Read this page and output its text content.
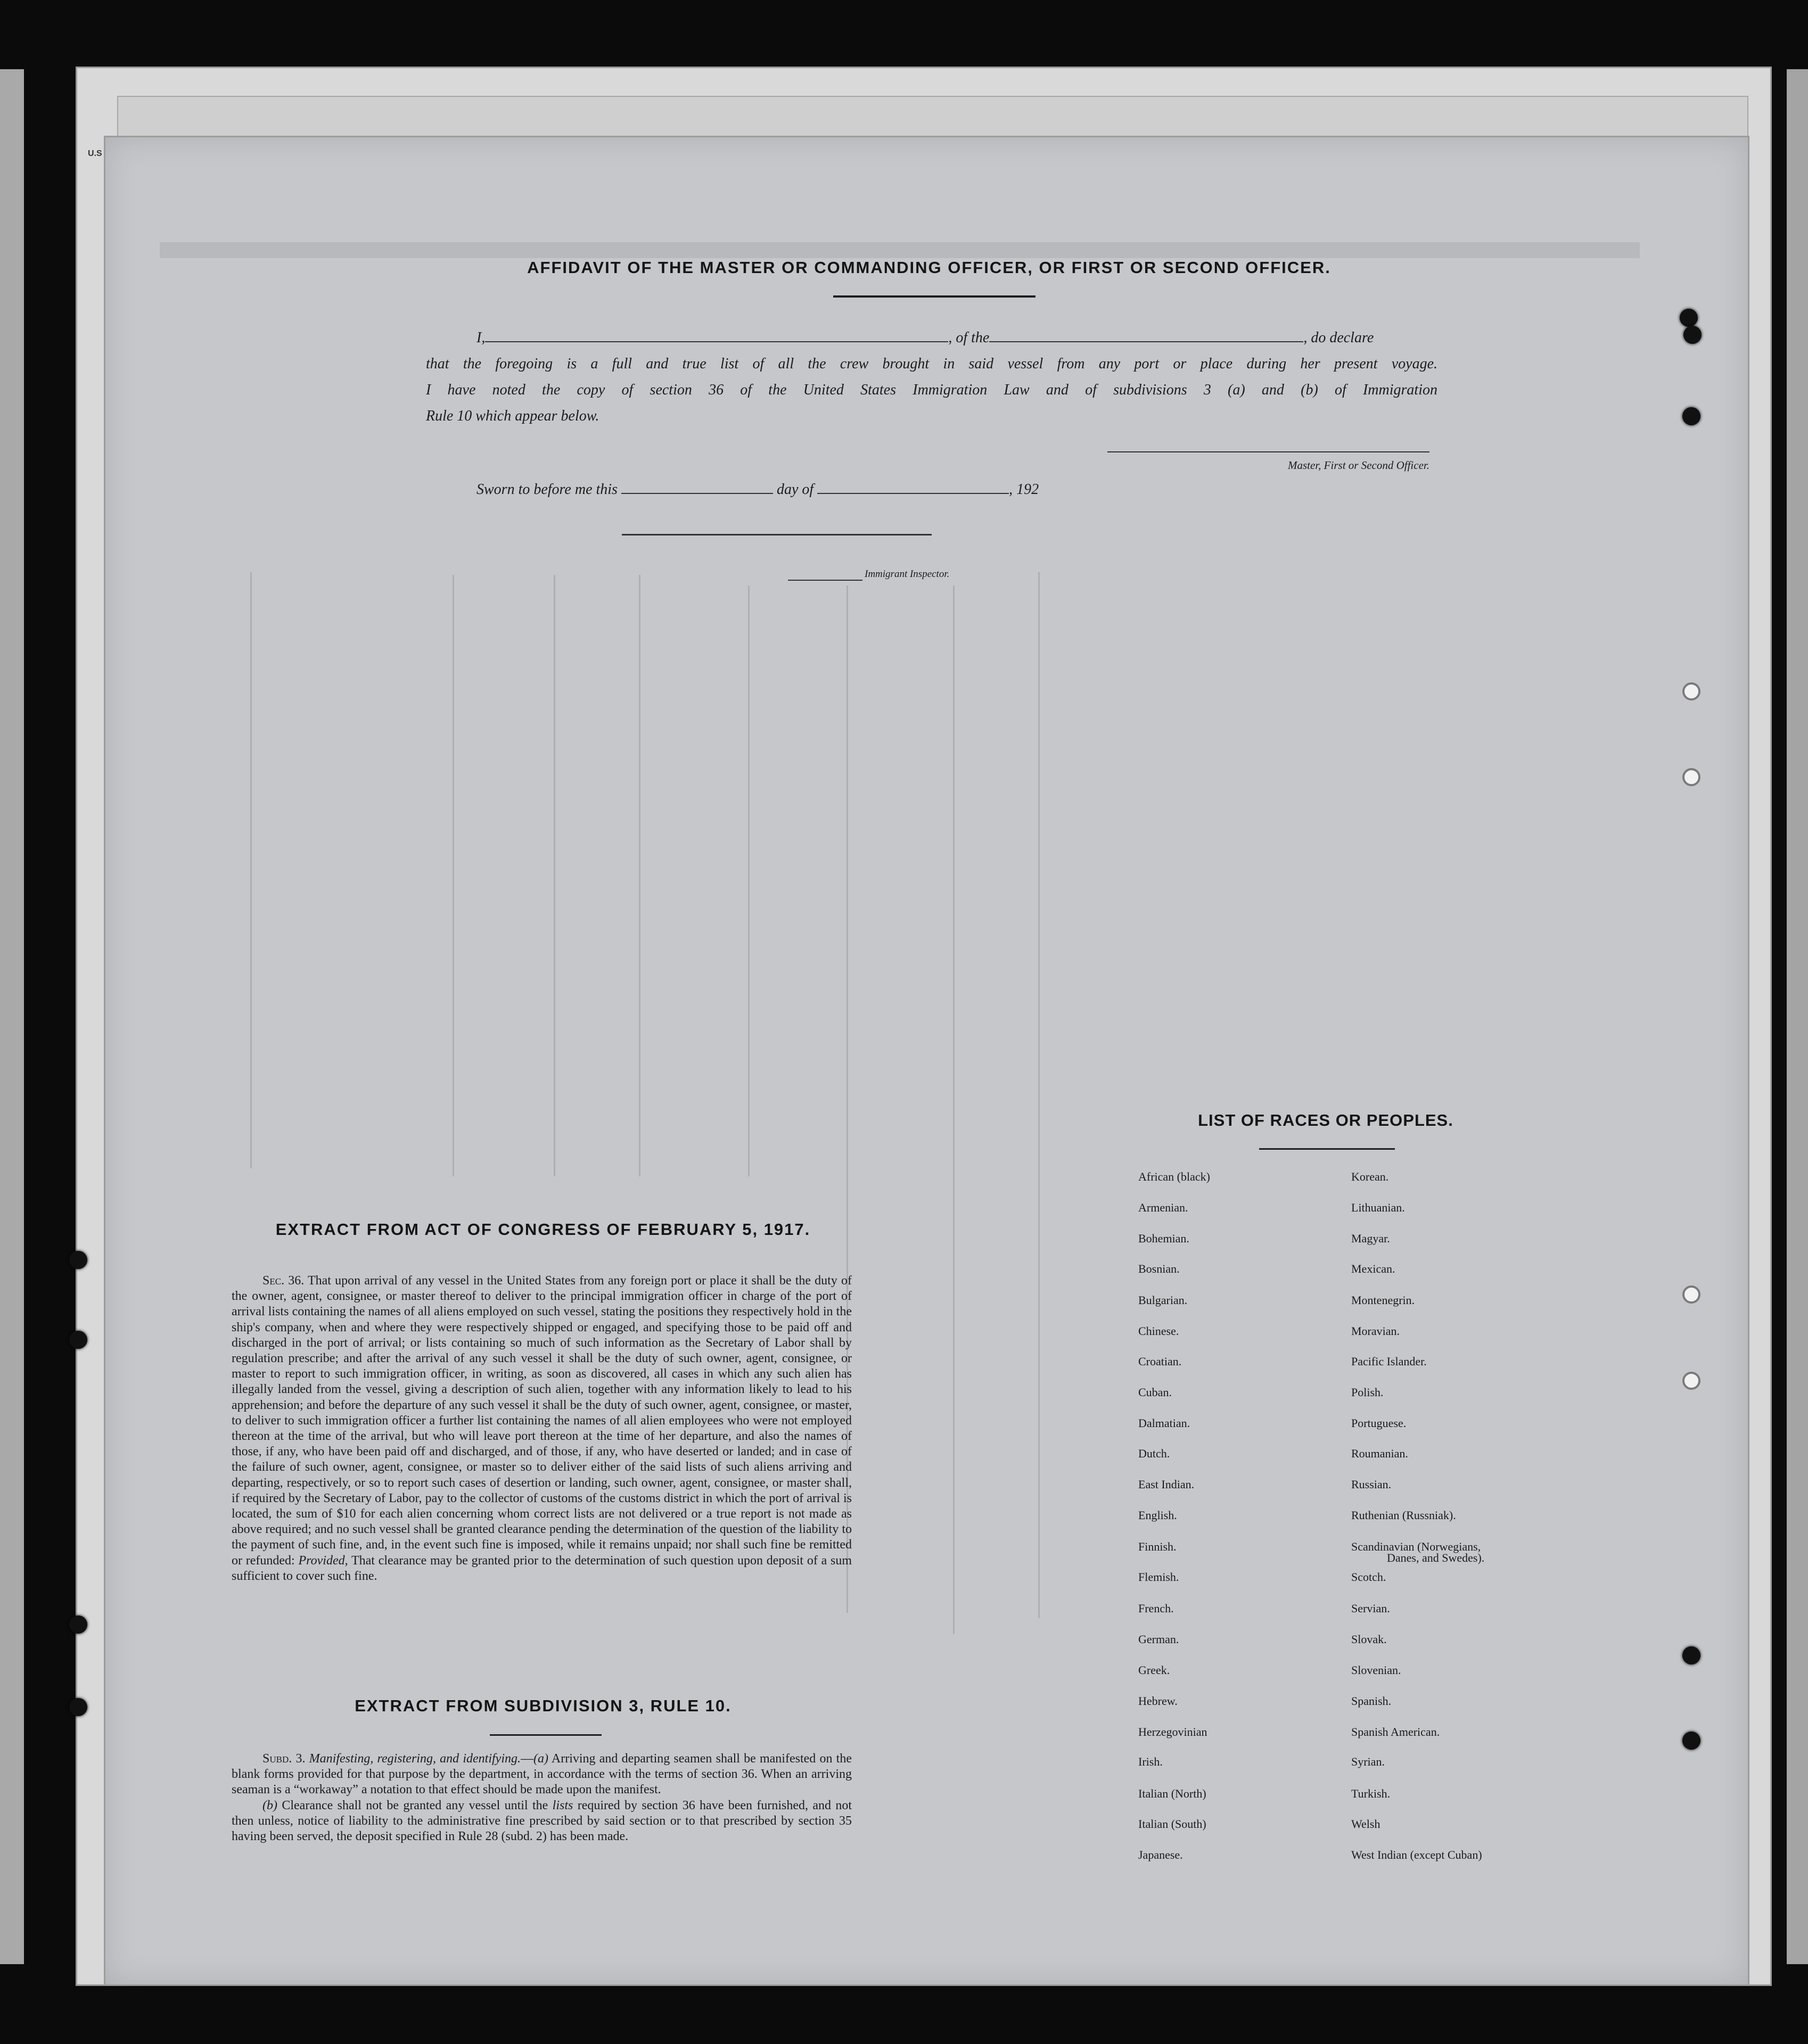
U.S
AFFIDAVIT OF THE MASTER OR COMMANDING OFFICER, OR FIRST OR SECOND OFFICER.
I,	, of the	, do declare
that the foregoing is a full and true list of all the crew brought in said vessel from any port or place during her present voyage.
I have noted the copy of section 36 of the United States Immigration Law and of subdivisions 3 (a) and (b) of Immigration
Rule 10 which appear below.
Master, First or Second Officer.
Sworn to before me this	day of	, 192
Immigrant Inspector.
EXTRACT FROM ACT OF CONGRESS OF FEBRUARY 5, 1917.
Sec. 36. That upon arrival of any vessel in the United States from any foreign port or place it shall be the duty of the owner, agent, consignee, or master thereof to deliver to the principal immigration officer in charge of the port of arrival lists containing the names of all aliens employed on such vessel, stating the positions they respectively hold in the ship's company, when and where they were respectively shipped or engaged, and specifying those to be paid off and discharged in the port of arrival; or lists containing so much of such information as the Secretary of Labor shall by regulation prescribe; and after the arrival of any such vessel it shall be the duty of such owner, agent, consignee, or master to report to such immigration officer, in writing, as soon as discovered, all cases in which any such alien has illegally landed from the vessel, giving a description of such alien, together with any information likely to lead to his apprehension; and before the departure of any such vessel it shall be the duty of such owner, agent, consignee, or master, to deliver to such immigration officer a further list containing the names of all alien employees who were not employed thereon at the time of the arrival, but who will leave port thereon at the time of her departure, and also the names of those, if any, who have been paid off and discharged, and of those, if any, who have deserted or landed; and in case of the failure of such owner, agent, consignee, or master so to deliver either of the said lists of such aliens arriving and departing, respectively, or so to report such cases of desertion or landing, such owner, agent, consignee, or master shall, if required by the Secretary of Labor, pay to the collector of customs of the customs district in which the port of arrival is located, the sum of $10 for each alien concerning whom correct lists are not delivered or a true report is not made as above required; and no such vessel shall be granted clearance pending the determination of the question of the liability to the payment of such fine, and, in the event such fine is imposed, while it remains unpaid; nor shall such fine be remitted or refunded: Provided, That clearance may be granted prior to the determination of such question upon deposit of a sum sufficient to cover such fine.
EXTRACT FROM SUBDIVISION 3, RULE 10.
Subd. 3. Manifesting, registering, and identifying.—(a) Arriving and departing seamen shall be manifested on the blank forms provided for that purpose by the department, in accordance with the terms of section 36. When an arriving seaman is a “workaway” a notation to that effect should be made upon the manifest.
(b) Clearance shall not be granted any vessel until the lists required by section 36 have been furnished, and not then unless, notice of liability to the administrative fine prescribed by said section or to that prescribed by section 35 having been served, the deposit specified in Rule 28 (subd. 2) has been made.
LIST OF RACES OR PEOPLES.
African (black)
Armenian.
Bohemian.
Bosnian.
Bulgarian.
Chinese.
Croatian.
Cuban.
Dalmatian.
Dutch.
East Indian.
English.
Finnish.
Flemish.
French.
German.
Greek.
Hebrew.
Herzegovinian
Irish.
Italian (North)
Italian (South)
Japanese.
Korean.
Lithuanian.
Magyar.
Mexican.
Montenegrin.
Moravian.
Pacific Islander.
Polish.
Portuguese.
Roumanian.
Russian.
Ruthenian (Russniak).
Scandinavian (Norwegians,
Scotch.
Servian.
Slovak.
Slovenian.
Spanish.
Spanish American.
Syrian.
Turkish.
Welsh
West Indian (except Cuban)
Danes, and Swedes).
